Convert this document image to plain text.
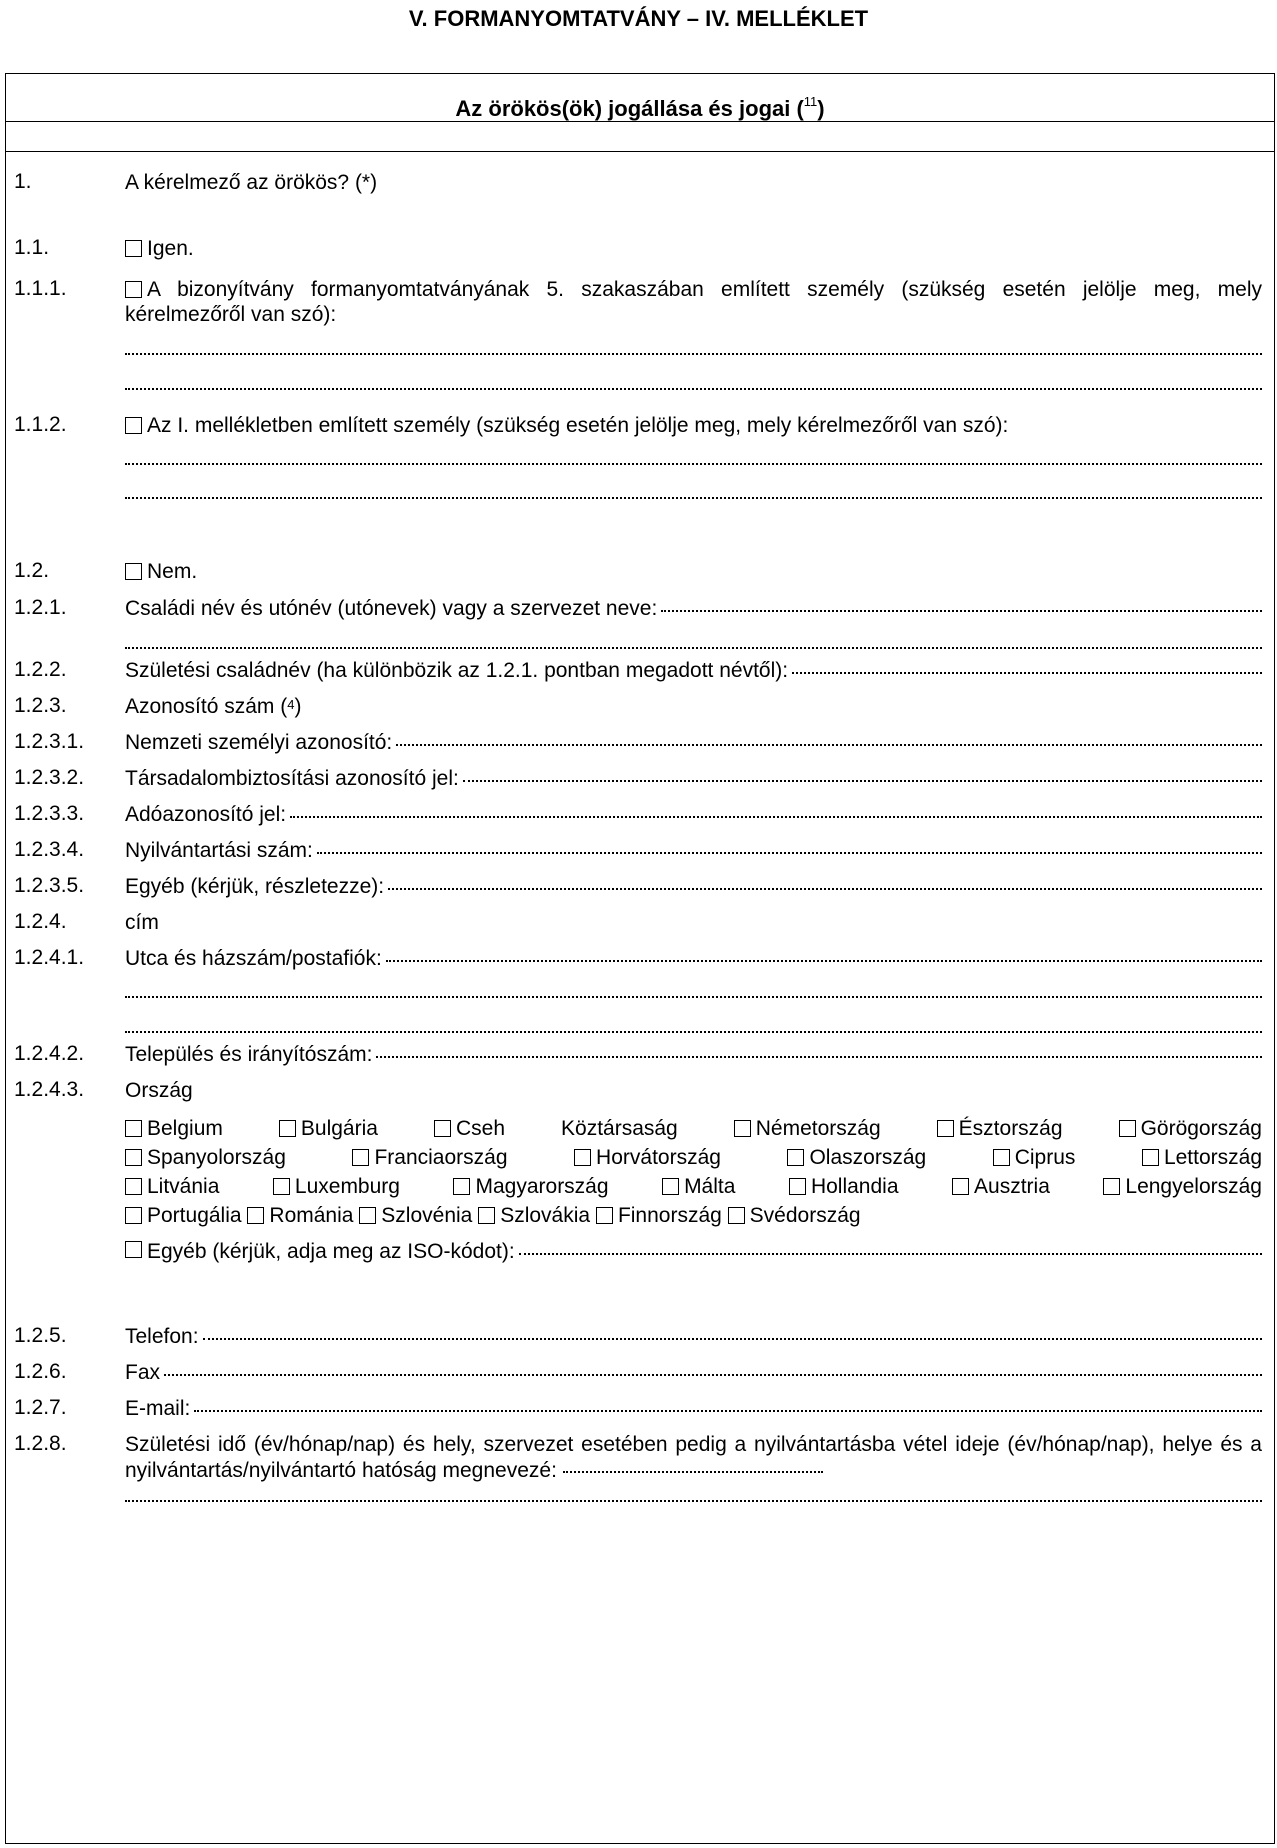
V. FORMANYOMTATVÁNY – IV. MELLÉKLET
Az örökös(ök) jogállása és jogai ($^{11}$)
1.	A kérelmező az örökös? (*)
1.1.	Igen.
1.1.1.	A bizonyítvány formanyomtatványának 5. szakaszában említett személy (szükség esetén jelölje meg, mely kérelmezőről van szó):
1.1.2.	Az I. mellékletben említett személy (szükség esetén jelölje meg, mely kérelmezőről van szó):
1.2.	Nem.
1.2.1.	Családi név és utónév (utónevek) vagy a szervezet neve:
1.2.2.	Születési családnév (ha különbözik az 1.2.1. pontban megadott névtől):
1.2.3.	Azonosító szám ($^4$)
1.2.3.1. Nemzeti személyi azonosító:
1.2.3.2. Társadalombiztosítási azonosító jel:
1.2.3.3. Adóazonosító jel:
1.2.3.4. Nyilvántartási szám:
1.2.3.5. Egyéb (kérjük, részletezze):
1.2.4.	cím
1.2.4.1. Utca és házszám/postafiók:
1.2.4.2. Település és irányítószám:
1.2.4.3. Ország
Belgium	Bulgária	Cseh Köztársaság	Németország	Észtország	Görögország
Spanyolország	Franciaország	Horvátország	Olaszország	Ciprus	Lettország
Litvánia	Luxemburg	Magyarország	Málta	Hollandia	Ausztria	Lengyelország
Portugália Románia Szlovénia Szlovákia Finnország Svédország
Egyéb (kérjük, adja meg az ISO-kódot):
1.2.5.	Telefon:
1.2.6.	Fax
1.2.7.	E-mail:
1.2.8.	Születési idő (év/hónap/nap) és hely, szervezet esetében pedig a nyilvántartásba vétel ideje (év/hónap/nap), helye és a nyilvántartás/nyilvántartó hatóság megnevezé:
